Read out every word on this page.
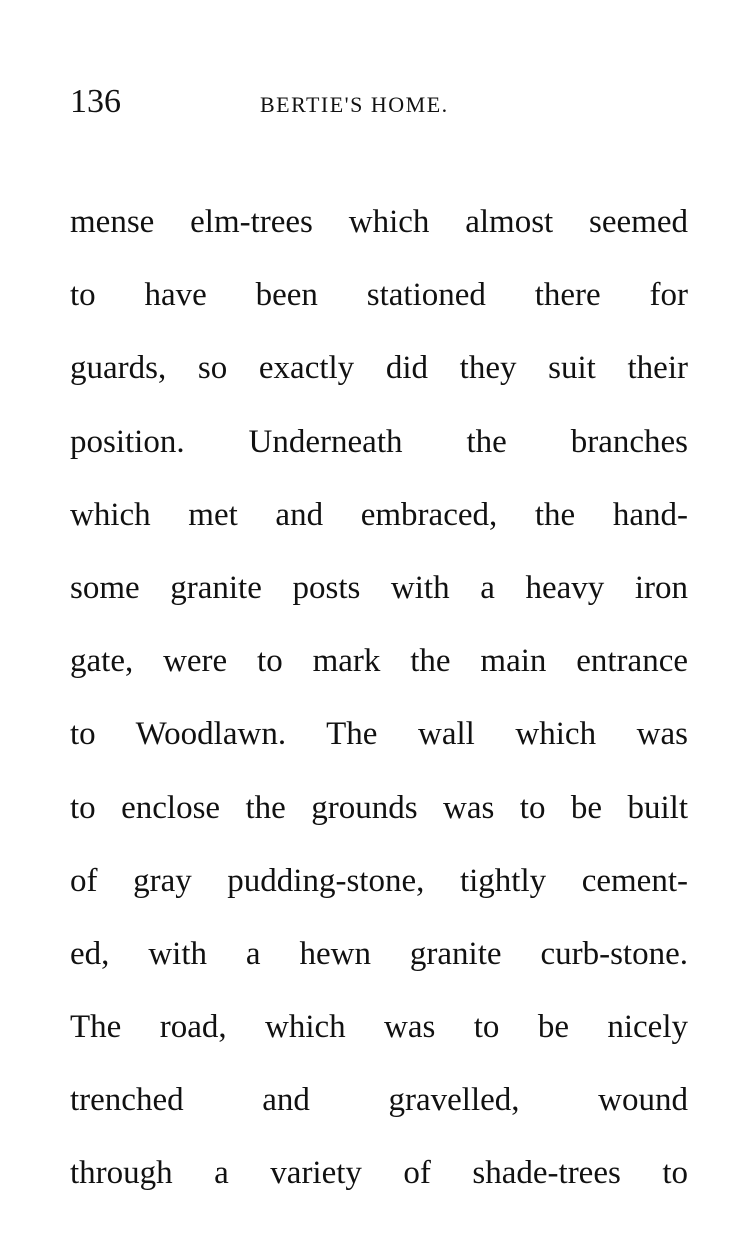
136	BERTIE'S HOME.
mense elm-trees which almost seemed
to have been stationed there for
guards, so exactly did they suit their
position. Underneath the branches
which met and embraced, the hand-
some granite posts with a heavy iron
gate, were to mark the main entrance
to Woodlawn. The wall which was
to enclose the grounds was to be built
of gray pudding-stone, tightly cement-
ed, with a hewn granite curb-stone.
The road, which was to be nicely
trenched and gravelled, wound
through a variety of shade-trees to
